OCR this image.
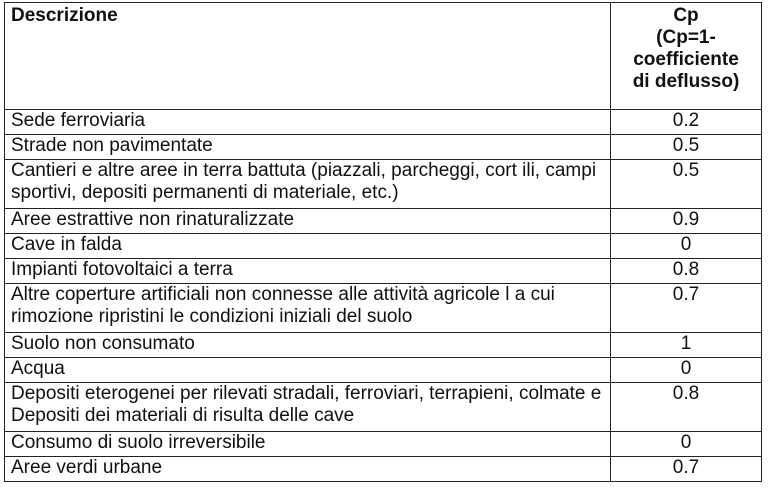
Descrizione	Cp
(Cp=1-
coefficiente
di deflusso)
Sede ferroviaria	0.2
Strade non pavimentate	0.5
Cantieri e altre aree in terra battuta (piazzali, parcheggi, cort ili, campi sportivi, depositi permanenti di materiale, etc.)	0.5
Aree estrattive non rinaturalizzate	0.9
Cave in falda	0
Impianti fotovoltaici a terra	0.8
Altre coperture artificiali non connesse alle attività agricole l a cui rimozione ripristini le condizioni iniziali del suolo	0.7
Suolo non consumato	1
Acqua	0
Depositi eterogenei per rilevati stradali, ferroviari, terrapieni, colmate e Depositi dei materiali di risulta delle cave	0.8
Consumo di suolo irreversibile	0
Aree verdi urbane	0.7
